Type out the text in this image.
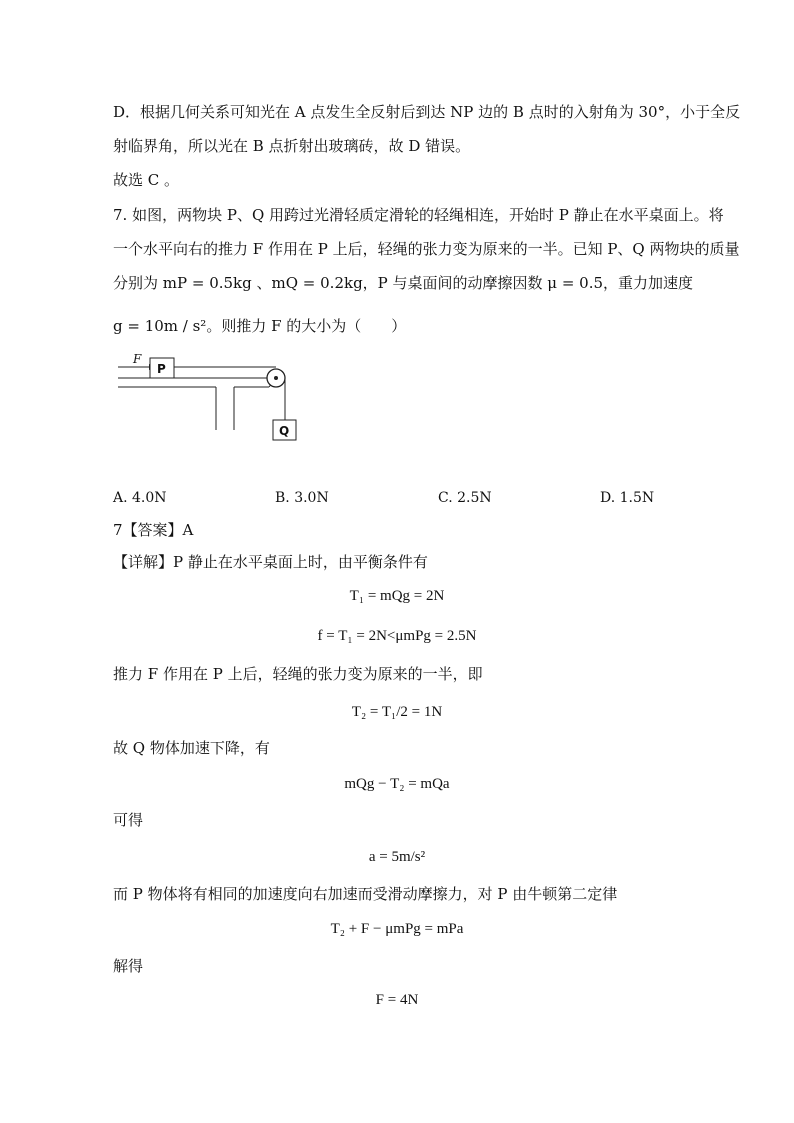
D．根据几何关系可知光在 A 点发生全反射后到达 NP 边的 B 点时的入射角为 30°，小于全反
射临界角，所以光在 B 点折射出玻璃砖，故 D 错误。
故选 C 。
7. 如图，两物块 P、Q 用跨过光滑轻质定滑轮的轻绳相连，开始时 P 静止在水平桌面上。将
一个水平向右的推力 F 作用在 P 上后，轻绳的张力变为原来的一半。已知 P、Q 两物块的质量
分别为 mP = 0.5kg 、mQ = 0.2kg，P 与桌面间的动摩擦因数 μ = 0.5，重力加速度
g = 10m / s²。则推力 F 的大小为（　　）
F
P
Q
A. 4.0N	B. 3.0N	C. 2.5N	D. 1.5N
7【答案】A
【详解】P 静止在水平桌面上时，由平衡条件有
T₁ = mQg = 2N
f = T₁ = 2N<μmPg = 2.5N
推力 F 作用在 P 上后，轻绳的张力变为原来的一半，即
T₂ = T₁/2 = 1N
故 Q 物体加速下降，有
mQg − T₂ = mQa
可得
a = 5m/s²
而 P 物体将有相同的加速度向右加速而受滑动摩擦力，对 P 由牛顿第二定律
T₂ + F − μmPg = mPa
解得
F = 4N
